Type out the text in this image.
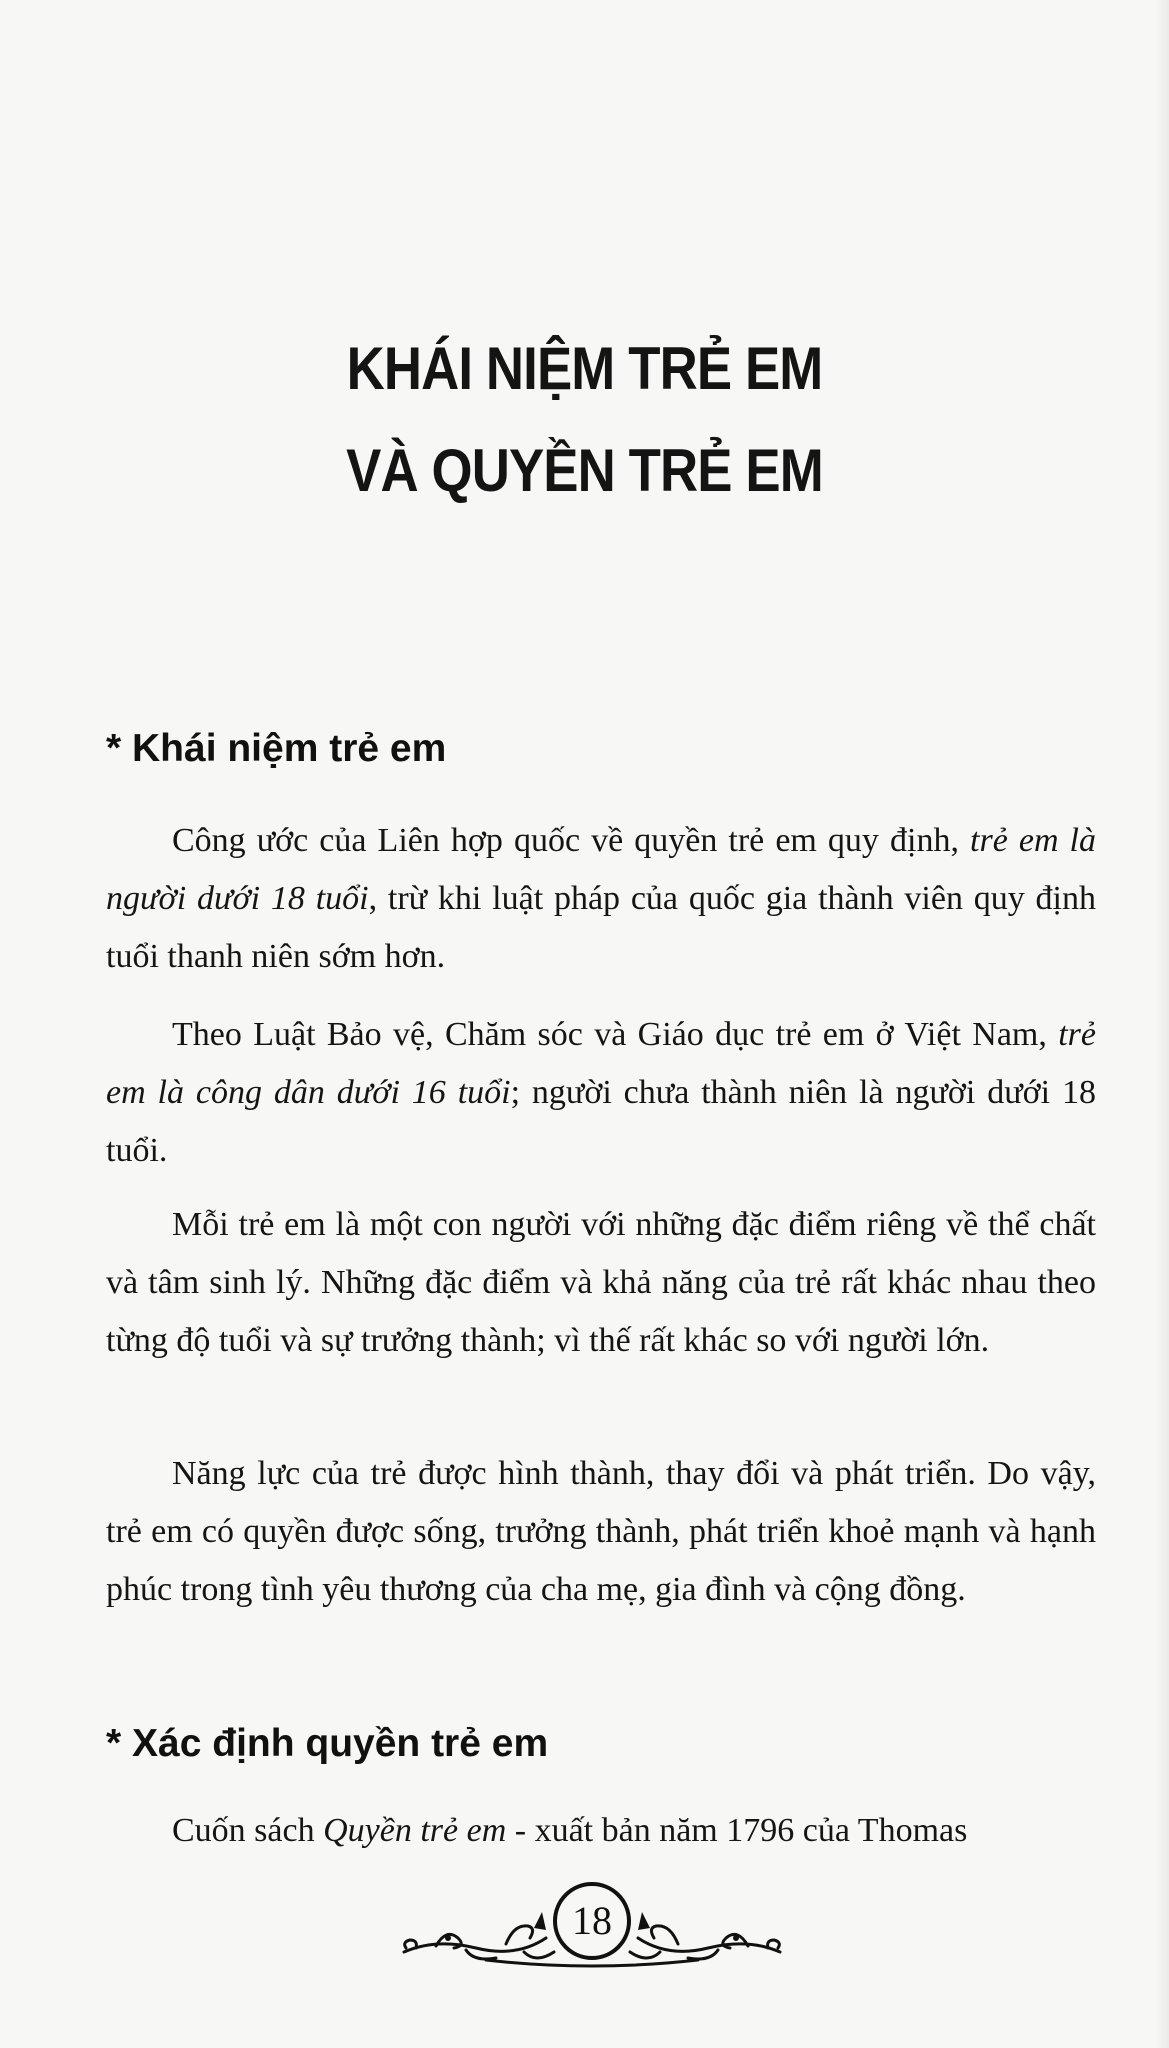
KHÁI NIỆM TRẺ EM
VÀ QUYỀN TRẺ EM
* Khái niệm trẻ em
Công ước của Liên hợp quốc về quyền trẻ em quy định, trẻ em là người dưới 18 tuổi, trừ khi luật pháp của quốc gia thành viên quy định tuổi thanh niên sớm hơn.
Theo Luật Bảo vệ, Chăm sóc và Giáo dục trẻ em ở Việt Nam, trẻ em là công dân dưới 16 tuổi; người chưa thành niên là người dưới 18 tuổi.
Mỗi trẻ em là một con người với những đặc điểm riêng về thể chất và tâm sinh lý. Những đặc điểm và khả năng của trẻ rất khác nhau theo từng độ tuổi và sự trưởng thành; vì thế rất khác so với người lớn.
Năng lực của trẻ được hình thành, thay đổi và phát triển. Do vậy, trẻ em có quyền được sống, trưởng thành, phát triển khoẻ mạnh và hạnh phúc trong tình yêu thương của cha mẹ, gia đình và cộng đồng.
* Xác định quyền trẻ em
Cuốn sách Quyền trẻ em - xuất bản năm 1796 của Thomas
18
